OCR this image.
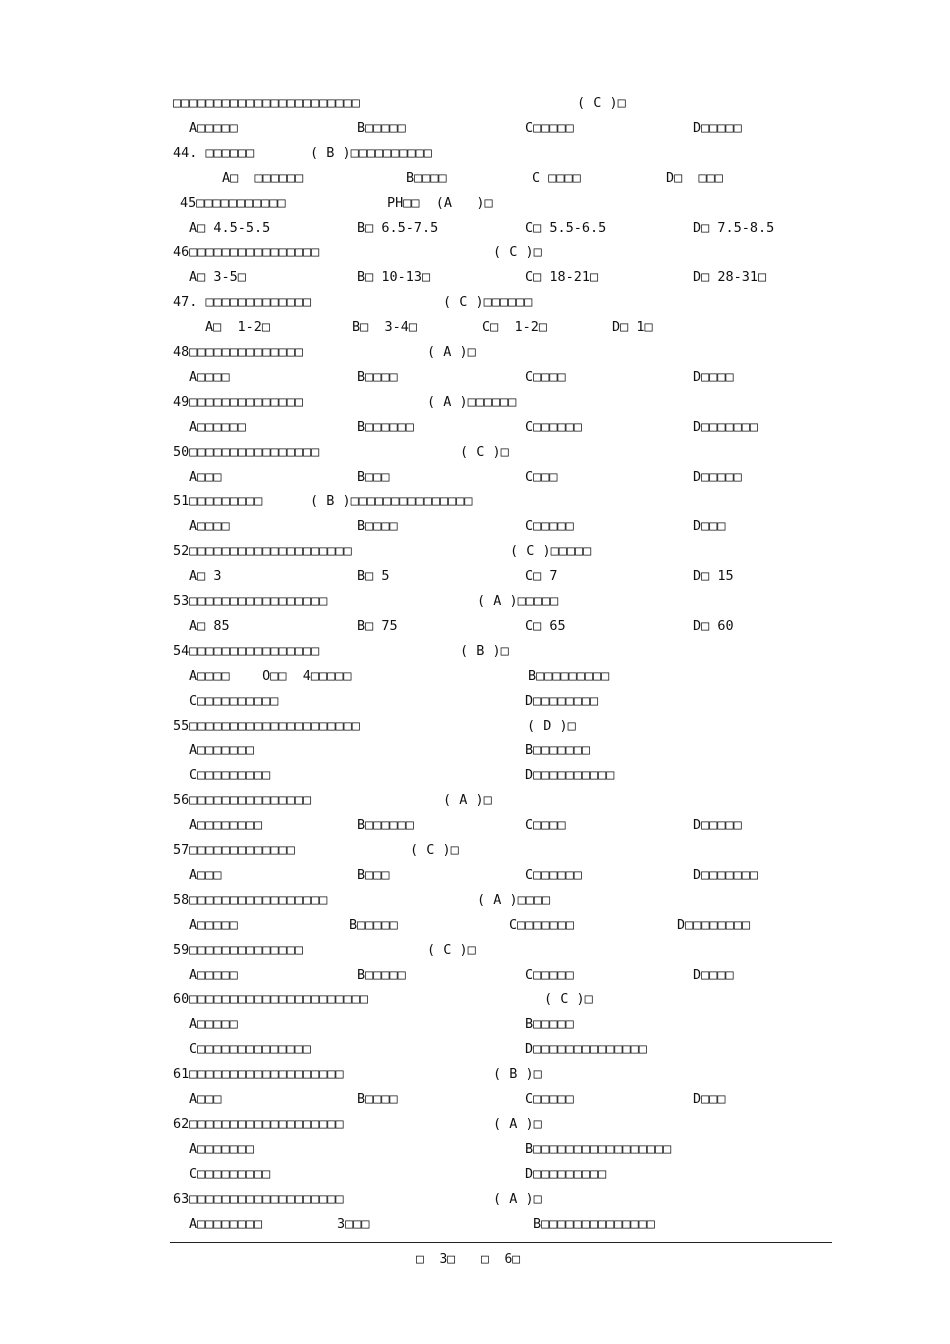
□  3□ □  6□
□□□□□□□□□□□□□□□□□□□□□□□	( C )□
A□□□□□	B□□□□□	C□□□□□	D□□□□□
44. □□□□□□	( B )□□□□□□□□□□
A□  □□□□□□	B□□□□	C □□□□	D□  □□□
45□□□□□□□□□□□	PH□□  (A   )□
A□ 4.5-5.5	B□ 6.5-7.5	C□ 5.5-6.5	D□ 7.5-8.5
46□□□□□□□□□□□□□□□□	( C )□
A□ 3-5□	B□ 10-13□	C□ 18-21□	D□ 28-31□
47. □□□□□□□□□□□□□	( C )□□□□□□
A□  1-2□	B□  3-4□	C□  1-2□	D□ 1□
48□□□□□□□□□□□□□□	( A )□
A□□□□	B□□□□	C□□□□	D□□□□
49□□□□□□□□□□□□□□	( A )□□□□□□
A□□□□□□	B□□□□□□	C□□□□□□	D□□□□□□□
50□□□□□□□□□□□□□□□□	( C )□
A□□□	B□□□	C□□□	D□□□□□
51□□□□□□□□□	( B )□□□□□□□□□□□□□□□
A□□□□	B□□□□	C□□□□□	D□□□
52□□□□□□□□□□□□□□□□□□□□	( C )□□□□□
A□ 3	B□ 5	C□ 7	D□ 15
53□□□□□□□□□□□□□□□□□	( A )□□□□□
A□ 85	B□ 75	C□ 65	D□ 60
54□□□□□□□□□□□□□□□□	( B )□
A□□□□    O□□  4□□□□□	B□□□□□□□□□
C□□□□□□□□□□	D□□□□□□□□
55□□□□□□□□□□□□□□□□□□□□□	( D )□
A□□□□□□□	B□□□□□□□
C□□□□□□□□□	D□□□□□□□□□□
56□□□□□□□□□□□□□□□	( A )□
A□□□□□□□□	B□□□□□□	C□□□□	D□□□□□
57□□□□□□□□□□□□□	( C )□
A□□□	B□□□	C□□□□□□	D□□□□□□□
58□□□□□□□□□□□□□□□□□	( A )□□□□
A□□□□□	B□□□□□	C□□□□□□□	D□□□□□□□□
59□□□□□□□□□□□□□□	( C )□
A□□□□□	B□□□□□	C□□□□□	D□□□□
60□□□□□□□□□□□□□□□□□□□□□□	( C )□
A□□□□□	B□□□□□
C□□□□□□□□□□□□□□	D□□□□□□□□□□□□□□
61□□□□□□□□□□□□□□□□□□□	( B )□
A□□□	B□□□□	C□□□□□	D□□□
62□□□□□□□□□□□□□□□□□□□	( A )□
A□□□□□□□	B□□□□□□□□□□□□□□□□□
C□□□□□□□□□	D□□□□□□□□□
63□□□□□□□□□□□□□□□□□□□	( A )□
A□□□□□□□□	3□□□	B□□□□□□□□□□□□□□
